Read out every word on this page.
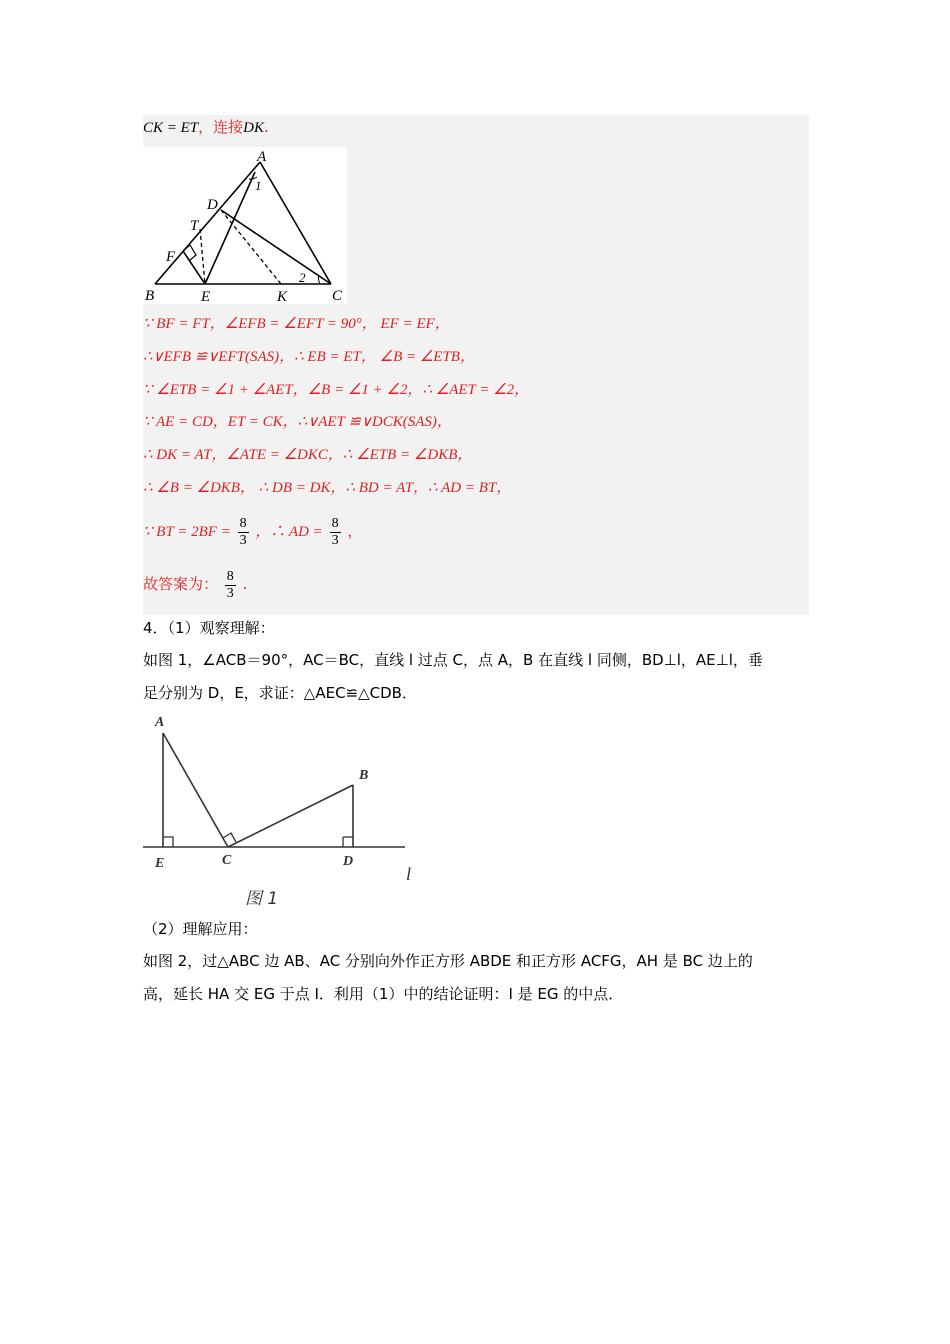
CK = ET，连接DK.
∵ BF = FT，∠EFB = ∠EFT = 90°， EF = EF，
∴∨EFB ≌∨EFT(SAS)，∴ EB = ET， ∠B = ∠ETB，
∵ ∠ETB = ∠1 + ∠AET，∠B = ∠1 + ∠2，∴ ∠AET = ∠2，
∵ AE = CD，ET = CK，∴∨AET ≌∨DCK(SAS)，
∴ DK = AT，∠ATE = ∠DKC，∴ ∠ETB = ∠DKB，
∴ ∠B = ∠DKB， ∴ DB = DK，∴ BD = AT，∴ AD = BT，
∵ BT = $2BF = \frac{8}{3}$ ，∴ AD = $\frac{8}{3}$ ，
故答案为： $\frac{8}{3}$ .
A
1
D
T
F
2
B	E	K	C
4．（1）观察理解：
如图 1，∠ACB＝90°，AC＝BC，直线 l 过点 C，点 A，B 在直线 l 同侧，BD⊥l，AE⊥l，垂
足分别为 D，E，求证：△AEC≌△CDB．
A
B
E	C	D
l
图 1
（2）理解应用：
如图 2，过△ABC 边 AB、AC 分别向外作正方形 ABDE 和正方形 ACFG，AH 是 BC 边上的
高，延长 HA 交 EG 于点 I．利用（1）中的结论证明：I 是 EG 的中点．
